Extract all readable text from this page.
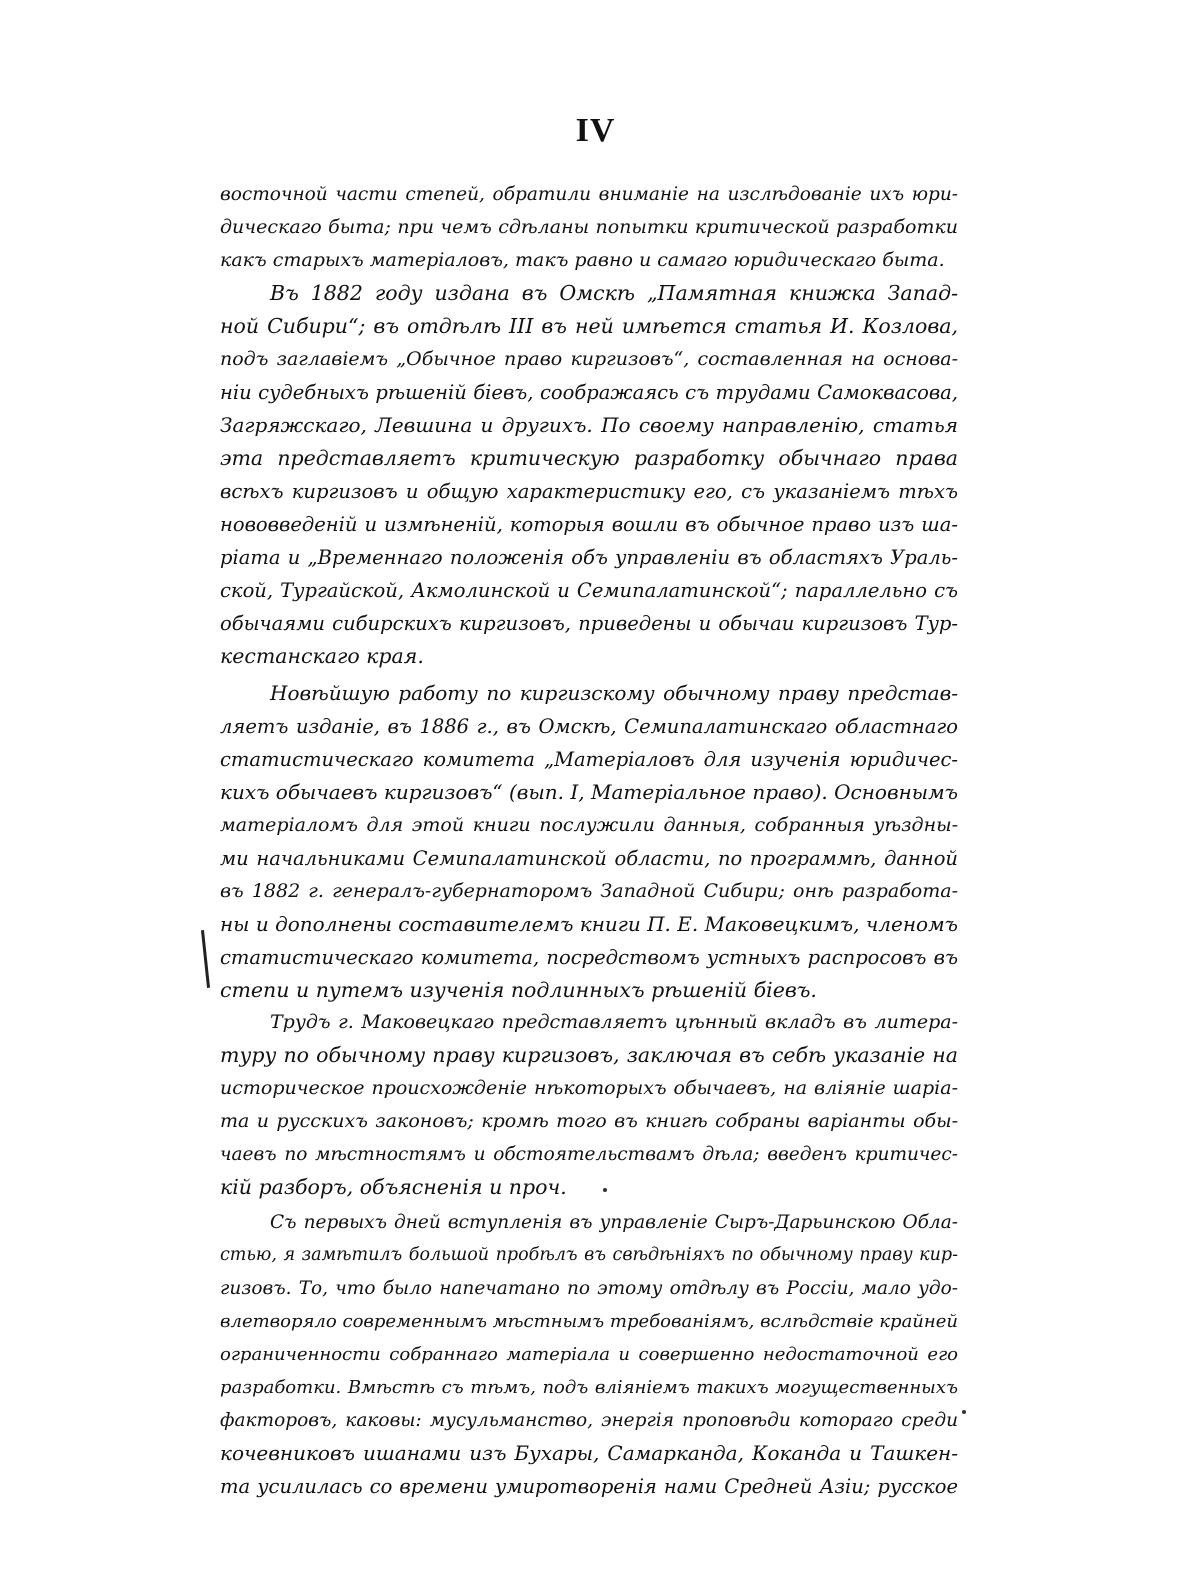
IV
восточной части степей, обратили вниманіе на изслѣдованіе ихъ юри-
дическаго быта; при чемъ сдѣланы попытки критической разработки
какъ старыхъ матеріаловъ, такъ равно и самаго юридическаго быта.
Въ 1882 году издана въ Омскѣ „Памятная книжка Запад-
ной Сибири“; въ отдѣлѣ III въ ней имѣется статья И. Козлова,
подъ заглавіемъ „Обычное право киргизовъ“, составленная на основа-
ніи судебныхъ рѣшеній біевъ, соображаясь съ трудами Самоквасова,
Загряжскаго, Левшина и другихъ. По своему направленію, статья
эта представляетъ критическую разработку обычнаго права
всѣхъ киргизовъ и общую характеристику его, съ указаніемъ тѣхъ
нововведеній и измѣненій, которыя вошли въ обычное право изъ ша-
ріата и „Временнаго положенія объ управленіи въ областяхъ Ураль-
ской, Тургайской, Акмолинской и Семипалатинской“; параллельно съ
обычаями сибирскихъ киргизовъ, приведены и обычаи киргизовъ Тур-
кестанскаго края.
Новѣйшую работу по киргизскому обычному праву представ-
ляетъ изданіе, въ 1886 г., въ Омскѣ, Семипалатинскаго областнаго
статистическаго комитета „Матеріаловъ для изученія юридичес-
кихъ обычаевъ киргизовъ“ (вып. I, Матеріальное право). Основнымъ
матеріаломъ для этой книги послужили данныя, собранныя уѣздны-
ми начальниками Семипалатинской области, по программѣ, данной
въ 1882 г. генералъ-губернаторомъ Западной Сибири; онѣ разработа-
ны и дополнены составителемъ книги П. Е. Маковецкимъ, членомъ
статистическаго комитета, посредствомъ устныхъ распросовъ въ
степи и путемъ изученія подлинныхъ рѣшеній біевъ.
Трудъ г. Маковецкаго представляетъ цѣнный вкладъ въ литера-
туру по обычному праву киргизовъ, заключая въ себѣ указаніе на
историческое происхожденіе нѣкоторыхъ обычаевъ, на вліяніе шаріа-
та и русскихъ законовъ; кромѣ того въ книгѣ собраны варіанты обы-
чаевъ по мѣстностямъ и обстоятельствамъ дѣла; введенъ критичес-
кій разборъ, объясненія и проч.
Съ первыхъ дней вступленія въ управленіе Сыръ-Дарьинскою Обла-
стью, я замѣтилъ большой пробѣлъ въ свѣдѣніяхъ по обычному праву кир-
гизовъ. То, что было напечатано по этому отдѣлу въ Россіи, мало удо-
влетворяло современнымъ мѣстнымъ требованіямъ, вслѣдствіе крайней
ограниченности собраннаго матеріала и совершенно недостаточной его
разработки. Вмѣстѣ съ тѣмъ, подъ вліяніемъ такихъ могущественныхъ
факторовъ, каковы: мусульманство, энергія проповѣди котораго среди
кочевниковъ ишанами изъ Бухары, Самарканда, Коканда и Ташкен-
та усилилась со времени умиротворенія нами Средней Азіи; русское
